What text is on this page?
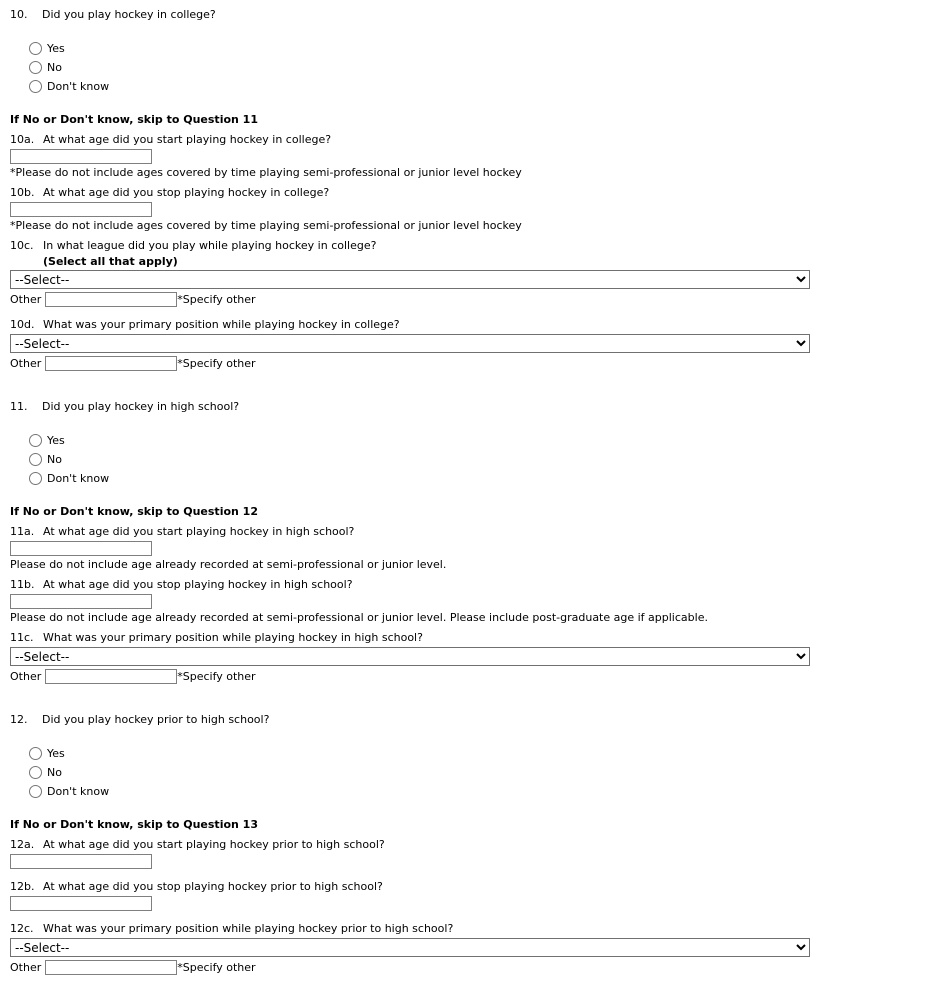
10. Did you play hockey in college?
Yes
No
Don't know
If No or Don't know, skip to Question 11
10a. At what age did you start playing hockey in college?
*Please do not include ages covered by time playing semi-professional or junior level hockey
10b. At what age did you stop playing hockey in college?
*Please do not include ages covered by time playing semi-professional or junior level hockey
10c. In what league did you play while playing hockey in college?
(Select all that apply)
--Select--
Other	*Specify other
10d. What was your primary position while playing hockey in college?
--Select--
Other	*Specify other
11. Did you play hockey in high school?
Yes
No
Don't know
If No or Don't know, skip to Question 12
11a. At what age did you start playing hockey in high school?
Please do not include age already recorded at semi-professional or junior level.
11b. At what age did you stop playing hockey in high school?
Please do not include age already recorded at semi-professional or junior level. Please include post-graduate age if applicable.
11c. What was your primary position while playing hockey in high school?
--Select--
Other	*Specify other
12. Did you play hockey prior to high school?
Yes
No
Don't know
If No or Don't know, skip to Question 13
12a. At what age did you start playing hockey prior to high school?
12b. At what age did you stop playing hockey prior to high school?
12c. What was your primary position while playing hockey prior to high school?
--Select--
Other	*Specify other
